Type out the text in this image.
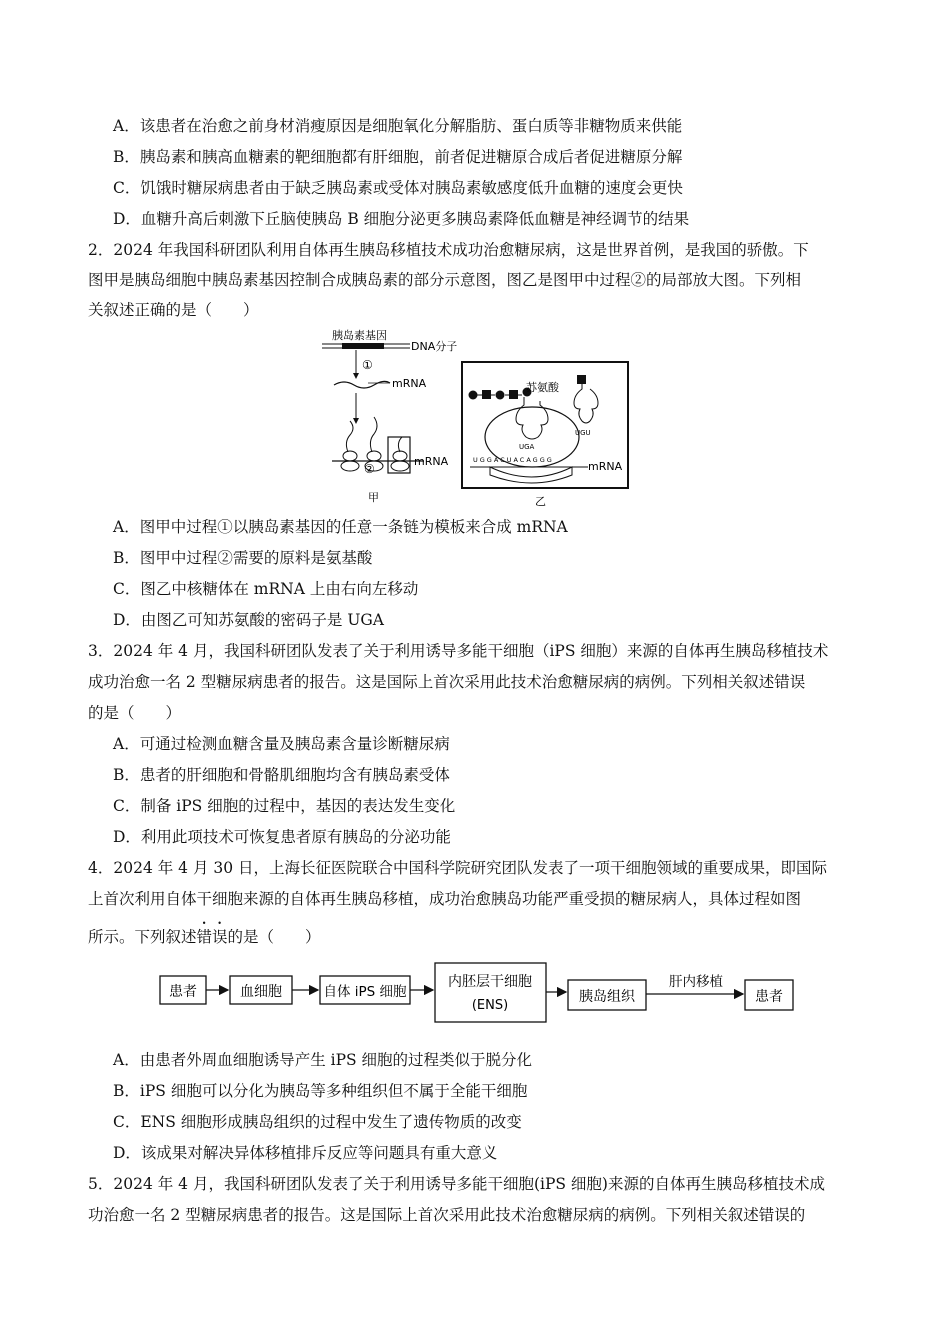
A．该患者在治愈之前身材消瘦原因是细胞氧化分解脂肪、蛋白质等非糖物质来供能
B．胰岛素和胰高血糖素的靶细胞都有肝细胞，前者促进糖原合成后者促进糖原分解
C．饥饿时糖尿病患者由于缺乏胰岛素或受体对胰岛素敏感度低升血糖的速度会更快
D．血糖升高后刺激下丘脑使胰岛 B 细胞分泌更多胰岛素降低血糖是神经调节的结果
2．2024 年我国科研团队利用自体再生胰岛移植技术成功治愈糖尿病，这是世界首例，是我国的骄傲。下
图甲是胰岛细胞中胰岛素基因控制合成胰岛素的部分示意图，图乙是图甲中过程②的局部放大图。下列相
关叙述正确的是（　　）
胰岛素基因
DNA分子
①
mRNA
②
mRNA
甲
苏氨酸
UGA
UGU
UGGACUACAGGG	mRNA
乙
A．图甲中过程①以胰岛素基因的任意一条链为模板来合成 mRNA
B．图甲中过程②需要的原料是氨基酸
C．图乙中核糖体在 mRNA 上由右向左移动
D．由图乙可知苏氨酸的密码子是 UGA
3．2024 年 4 月，我国科研团队发表了关于利用诱导多能干细胞（iPS 细胞）来源的自体再生胰岛移植技术
成功治愈一名 2 型糖尿病患者的报告。这是国际上首次采用此技术治愈糖尿病的病例。下列相关叙述错误
的是（　　）
A．可通过检测血糖含量及胰岛素含量诊断糖尿病
B．患者的肝细胞和骨骼肌细胞均含有胰岛素受体
C．制备 iPS 细胞的过程中，基因的表达发生变化
D．利用此项技术可恢复患者原有胰岛的分泌功能
4．2024 年 4 月 30 日，上海长征医院联合中国科学院研究团队发表了一项干细胞领域的重要成果，即国际
上首次利用自体干细胞来源的自体再生胰岛移植，成功治愈胰岛功能严重受损的糖尿病人，具体过程如图
所示。下列叙述错误的是（　　）
患者	血细胞	自体 iPS 细胞
内胚层干细胞
(ENS)
胰岛组织
肝内移植
患者
A．由患者外周血细胞诱导产生 iPS 细胞的过程类似于脱分化
B．iPS 细胞可以分化为胰岛等多种组织但不属于全能干细胞
C．ENS 细胞形成胰岛组织的过程中发生了遗传物质的改变
D．该成果对解决异体移植排斥反应等问题具有重大意义
5．2024 年 4 月，我国科研团队发表了关于利用诱导多能干细胞(iPS 细胞)来源的自体再生胰岛移植技术成
功治愈一名 2 型糖尿病患者的报告。这是国际上首次采用此技术治愈糖尿病的病例。下列相关叙述错误的
